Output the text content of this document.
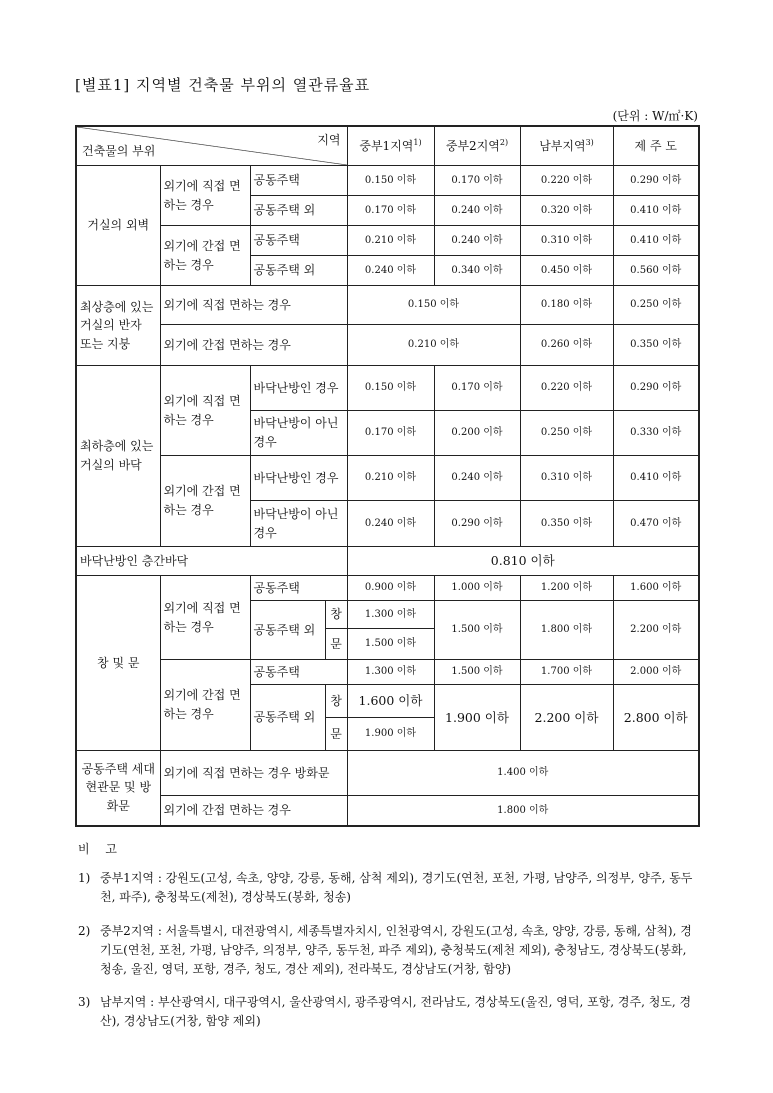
[별표1] 지역별 건축물 부위의 열관류율표
(단위 : W/㎡·K)
지역
건축물의 부위				중부1지역$^{1)}$	중부2지역$^{2)}$	남부지역$^{3)}$	제 주 도
거실의 외벽	외기에 직접 면하는 경우	공동주택		0.150 이하	0.170 이하	0.220 이하	0.290 이하
		공동주택 외		0.170 이하	0.240 이하	0.320 이하	0.410 이하
	외기에 간접 면하는 경우	공동주택		0.210 이하	0.240 이하	0.310 이하	0.410 이하
		공동주택 외		0.240 이하	0.340 이하	0.450 이하	0.560 이하
최상층에 있는 거실의 반자 또는 지붕	외기에 직접 면하는 경우			0.150 이하		0.180 이하	0.250 이하
	외기에 간접 면하는 경우			0.210 이하		0.260 이하	0.350 이하
최하층에 있는 거실의 바닥	외기에 직접 면하는 경우	바닥난방인 경우		0.150 이하	0.170 이하	0.220 이하	0.290 이하
		바닥난방이 아닌 경우		0.170 이하	0.200 이하	0.250 이하	0.330 이하
	외기에 간접 면하는 경우	바닥난방인 경우		0.210 이하	0.240 이하	0.310 이하	0.410 이하
		바닥난방이 아닌 경우		0.240 이하	0.290 이하	0.350 이하	0.470 이하
바닥난방인 층간바닥				0.810 이하			
창 및 문	외기에 직접 면하는 경우	공동주택		0.900 이하	1.000 이하	1.200 이하	1.600 이하
		공동주택 외	창	1.300 이하	1.500 이하	1.800 이하	2.200 이하
			문	1.500 이하			
	외기에 간접 면하는 경우	공동주택		1.300 이하	1.500 이하	1.700 이하	2.000 이하
		공동주택 외	창	1.600 이하	1.900 이하	2.200 이하	2.800 이하
			문	1.900 이하			
공동주택 세대현관문 및 방화문	외기에 직접 면하는 경우 방화문			1.400 이하			
	외기에 간접 면하는 경우			1.800 이하			
비 고
1) 중부1지역 : 강원도(고성, 속초, 양양, 강릉, 동해, 삼척 제외), 경기도(연천, 포천, 가평, 남양주, 의정부, 양주, 동두천, 파주), 충청북도(제천), 경상북도(봉화, 청송)
2) 중부2지역 : 서울특별시, 대전광역시, 세종특별자치시, 인천광역시, 강원도(고성, 속초, 양양, 강릉, 동해, 삼척), 경기도(연천, 포천, 가평, 남양주, 의정부, 양주, 동두천, 파주 제외), 충청북도(제천 제외), 충청남도, 경상북도(봉화, 청송, 울진, 영덕, 포항, 경주, 청도, 경산 제외), 전라북도, 경상남도(거창, 함양)
3) 남부지역 : 부산광역시, 대구광역시, 울산광역시, 광주광역시, 전라남도, 경상북도(울진, 영덕, 포항, 경주, 청도, 경산), 경상남도(거창, 함양 제외)
